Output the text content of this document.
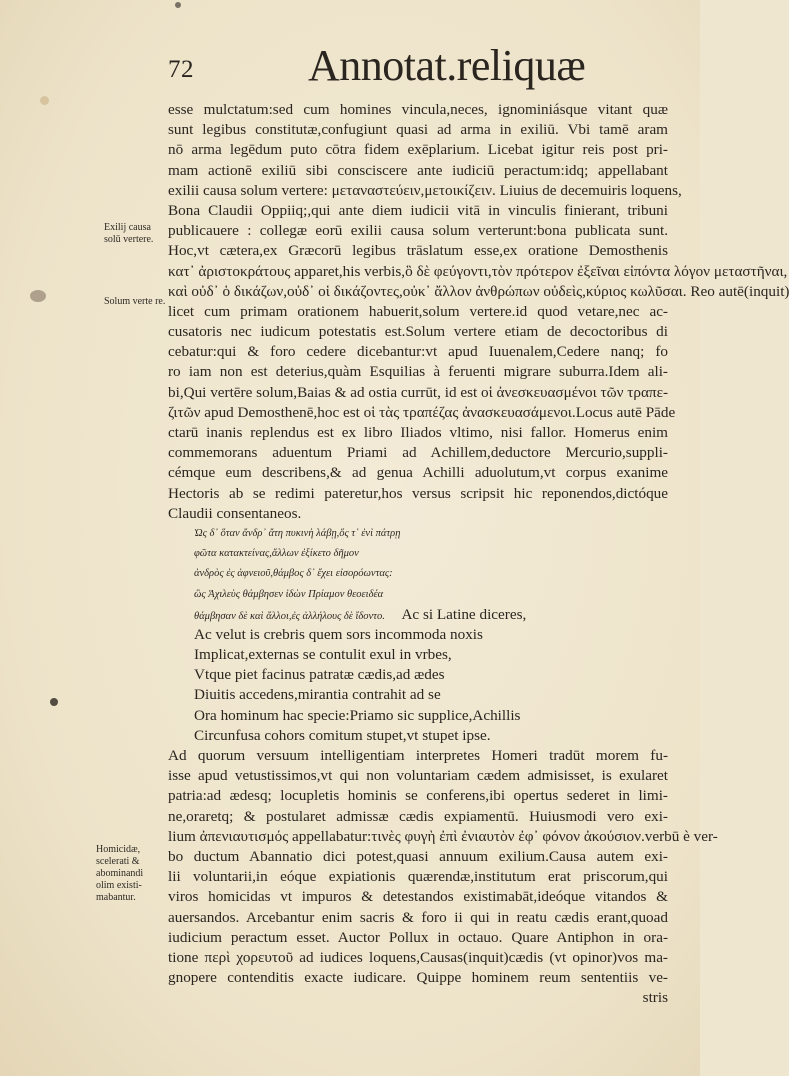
72	Annotat.reliquæ
Exilij causa solū vertere.
Solum verte re.
Homicidæ, scelerati & abominandi olim existi- mabantur.
esse mulctatum:sed cum homines vincula,neces, ignominiásque vitant quæ
sunt legibus constitutæ,confugiunt quasi ad arma in exiliū. Vbi tamē aram
nō arma legēdum puto cōtra fidem exēplarium. Licebat igitur reis post pri-
mam actionē exiliū sibi consciscere ante iudiciū peractum:idq; appellabant
exilii causa solum vertere: μεταναστεύειν,μετοικίζειν. Liuius de decemuiris loquens,
Bona Claudii Oppiiq;,qui ante diem iudicii vitā in vinculis finierant, tribuni
publicauere : collegæ eorū exilii causa solum verterunt:bona publicata sunt.
Hoc,vt cætera,ex Græcorū legibus trāslatum esse,ex oratione Demosthenis
κατ᾽ ἀριστοκράτους apparet,his verbis,ὃ δὲ φεύγοντι,τὸν πρότερον ἐξεῖναι εἰπόντα λόγον μεταστῆναι,
καὶ οὐδ᾽ ὁ δικάζων,οὐδ᾽ οἱ δικάζοντες,οὐκ᾽ ἄλλον ἀνθρώπων οὐδεὶς,κύριος κωλῦσαι. Reo autē(inquit)
licet cum primam orationem habuerit,solum vertere.id quod vetare,nec ac-
cusatoris nec iudicum potestatis est.Solum vertere etiam de decoctoribus di
cebatur:qui & foro cedere dicebantur:vt apud Iuuenalem,Cedere nanq; fo
ro iam non est deterius,quàm Esquilias à feruenti migrare suburra.Idem ali-
bi,Qui vertēre solum,Baias & ad ostia currūt, id est οἱ ἀνεσκευασμένοι τῶν τραπε-
ζιτῶν apud Demosthenē,hoc est οἱ τὰς τραπέζας ἀνασκευασάμενοι.Locus autē Pāde
ctarū inanis replendus est ex libro Iliados vltimo, nisi fallor. Homerus enim
commemorans aduentum Priami ad Achillem,deductore Mercurio,suppli-
cémque eum describens,& ad genua Achilli aduolutum,vt corpus exanime
Hectoris ab se redimi pateretur,hos versus scripsit hic reponendos,dictóque
Claudii consentaneos.
Ὡς δ᾽ ὅταν ἄνδρ᾽ ἄτη πυκινὴ λάβῃ,ὅς τ᾽ ἐνὶ πάτρῃ
φῶτα κατακτείνας,ἄλλων ἐξίκετο δῆμον
ἀνδρὸς ἐς ἀφνειοῦ,θάμβος δ᾽ ἔχει εἰσορόωντας:
ὣς Ἀχιλεὺς θάμβησεν ἰδὼν Πρίαμον θεοειδέα
θάμβησαν δὲ καὶ ἄλλοι,ἐς ἀλλήλους δὲ ἴδοντο. Ac si Latine diceres,
Ac velut is crebris quem sors incommoda noxis
Implicat,externas se contulit exul in vrbes,
Vtque piet facinus patratæ cædis,ad ædes
Diuitis accedens,mirantia contrahit ad se
Ora hominum hac specie:Priamo sic supplice,Achillis
Circunfusa cohors comitum stupet,vt stupet ipse.
Ad quorum versuum intelligentiam interpretes Homeri tradūt morem fu-
isse apud vetustissimos,vt qui non voluntariam cædem admisisset, is exularet
patria:ad ædesq; locupletis hominis se conferens,ibi opertus sederet in limi-
ne,oraretq; & postularet admissæ cædis expiamentū. Huiusmodi vero exi-
lium ἀπενιαυτισμός appellabatur:τινὲς φυγὴ ἐπὶ ἐνιαυτὸν ἐφ᾽ φόνον ἀκούσιον.verbū è ver-
bo ductum Abannatio dici potest,quasi annuum exilium.Causa autem exi-
lii voluntarii,in eóque expiationis quærendæ,institutum erat priscorum,qui
viros homicidas vt impuros & detestandos existimabāt,ideóque vitandos &
auersandos. Arcebantur enim sacris & foro ii qui in reatu cædis erant,quoad
iudicium peractum esset. Auctor Pollux in octauo. Quare Antiphon in ora-
tione περὶ χορευτοῦ ad iudices loquens,Causas(inquit)cædis (vt opinor)vos ma-
gnopere contenditis exacte iudicare. Quippe hominem reum sententiis ve-
stris
